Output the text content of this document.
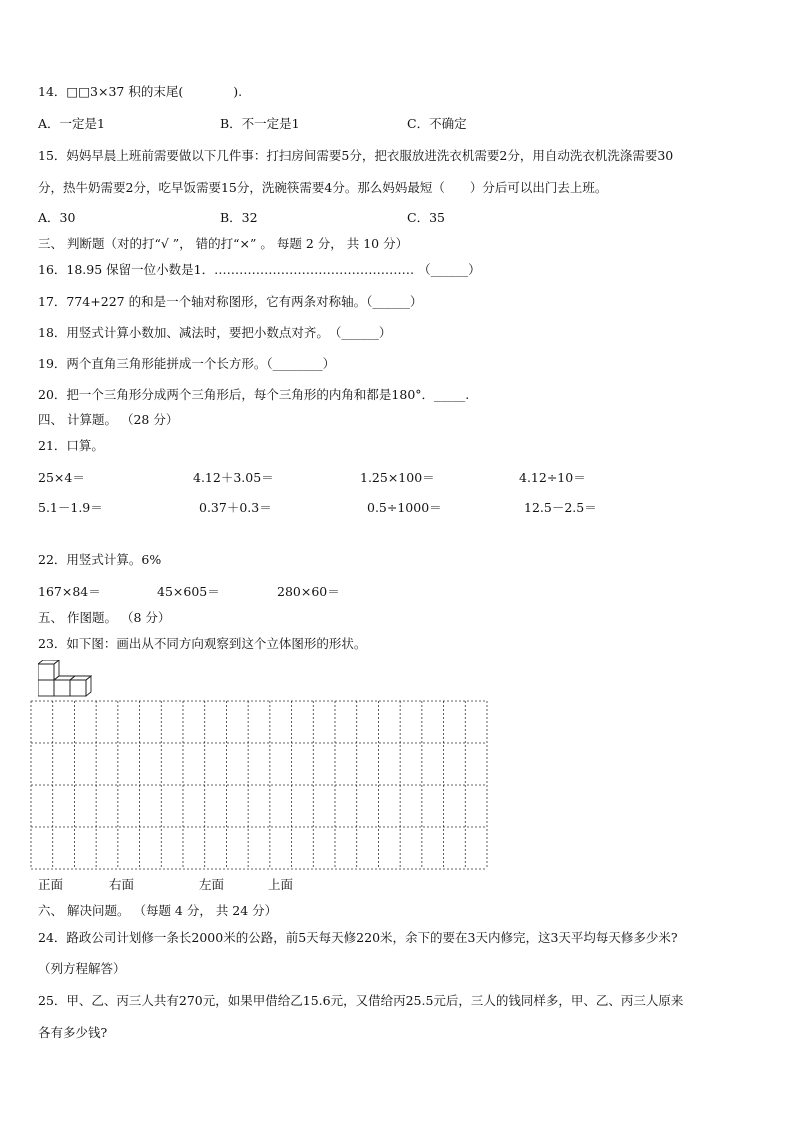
14．□□3×37 积的末尾(　　　　).
A．一定是1	B．不一定是1	C．不确定
15．妈妈早晨上班前需要做以下几件事：打扫房间需要5分，把衣服放进洗衣机需要2分，用自动洗衣机洗涤需要30
分，热牛奶需要2分，吃早饭需要15分，洗碗筷需要4分。那么妈妈最短（　　）分后可以出门去上班。
A．30	B．32	C．35
三、 判断题（对的打“√ ”， 错的打“×” 。 每题 2 分， 共 10 分）
16．18.95 保留一位小数是1．………………………………………… （______）
17．774+227 的和是一个轴对称图形，它有两条对称轴。（______）
18．用竖式计算小数加、减法时，要把小数点对齐。　（______）
19．两个直角三角形能拼成一个长方形。（________）
20．把一个三角形分成两个三角形后，每个三角形的内角和都是180°．_____.
四、 计算题。 （28 分）
21．口算。
25×4＝	4.12＋3.05＝	1.25×100＝	4.12÷10＝
5.1－1.9＝	0.37＋0.3＝	0.5÷1000＝	12.5－2.5＝
22．用竖式计算。6%
167×84＝	45×605＝	280×60＝
五、 作图题。 （8 分）
23．如下图：画出从不同方向观察到这个立体图形的形状。
正面	右面	左面	上面
六、 解决问题。 （每题 4 分， 共 24 分）
24．路政公司计划修一条长2000米的公路，前5天每天修220米，余下的要在3天内修完，这3天平均每天修多少米?
（列方程解答）
25．甲、乙、丙三人共有270元，如果甲借给乙15.6元，又借给丙25.5元后，三人的钱同样多，甲、乙、丙三人原来
各有多少钱?
